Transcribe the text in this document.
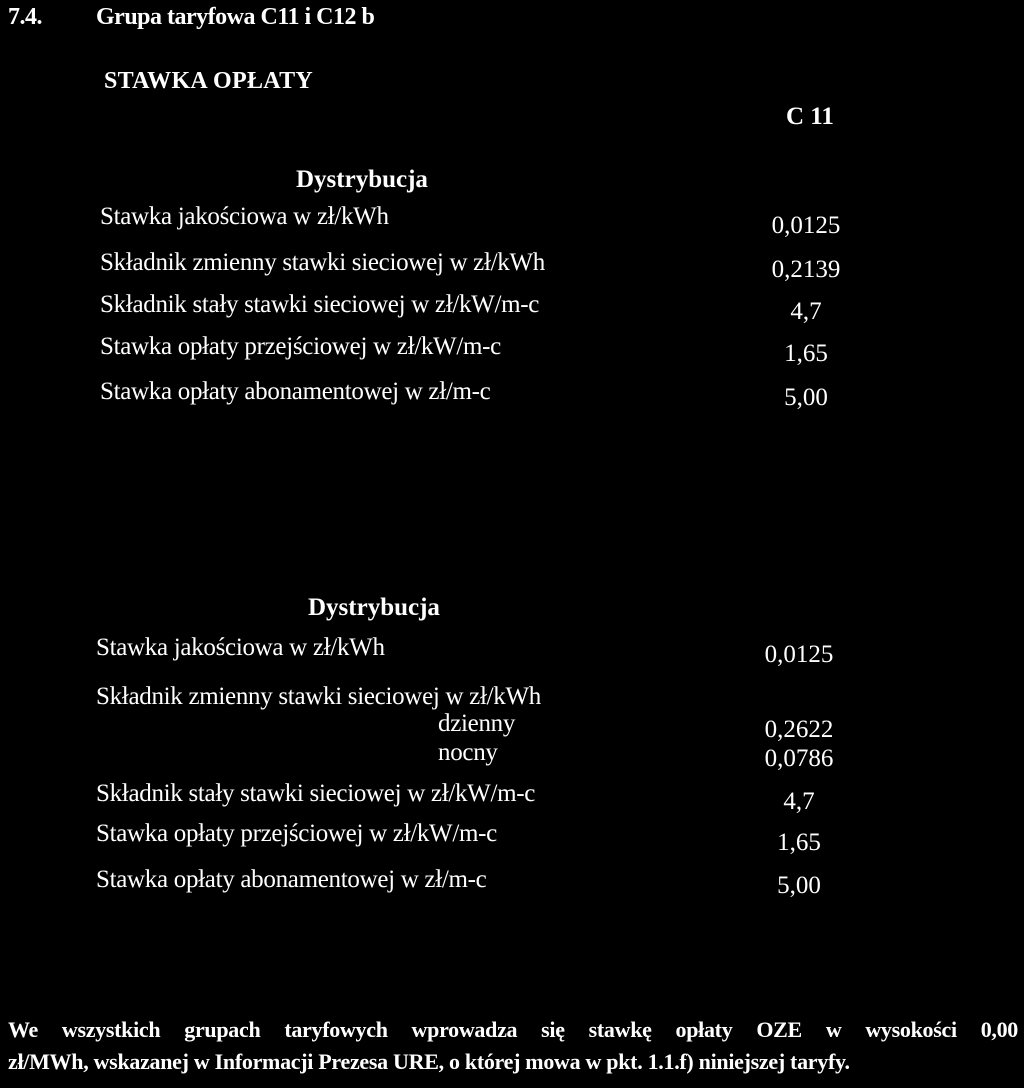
7.4. Grupa taryfowa C11 i C12 b
STAWKA OPŁATY
C 11
Dystrybucja
Stawka jakościowa w zł/kWh	0,0125
Składnik zmienny stawki sieciowej w zł/kWh	0,2139
Składnik stały stawki sieciowej w zł/kW/m-c	4,7
Stawka opłaty przejściowej w zł/kW/m-c	1,65
Stawka opłaty abonamentowej w zł/m-c	5,00
Dystrybucja
Stawka jakościowa w zł/kWh	0,0125
Składnik zmienny stawki sieciowej w zł/kWh
dzienny	0,2622
nocny	0,0786
Składnik stały stawki sieciowej w zł/kW/m-c	4,7
Stawka opłaty przejściowej w zł/kW/m-c	1,65
Stawka opłaty abonamentowej w zł/m-c	5,00
We wszystkich grupach taryfowych wprowadza się stawkę opłaty OZE w wysokości 0,00
zł/MWh, wskazanej w Informacji Prezesa URE, o której mowa w pkt. 1.1.f) niniejszej taryfy.
